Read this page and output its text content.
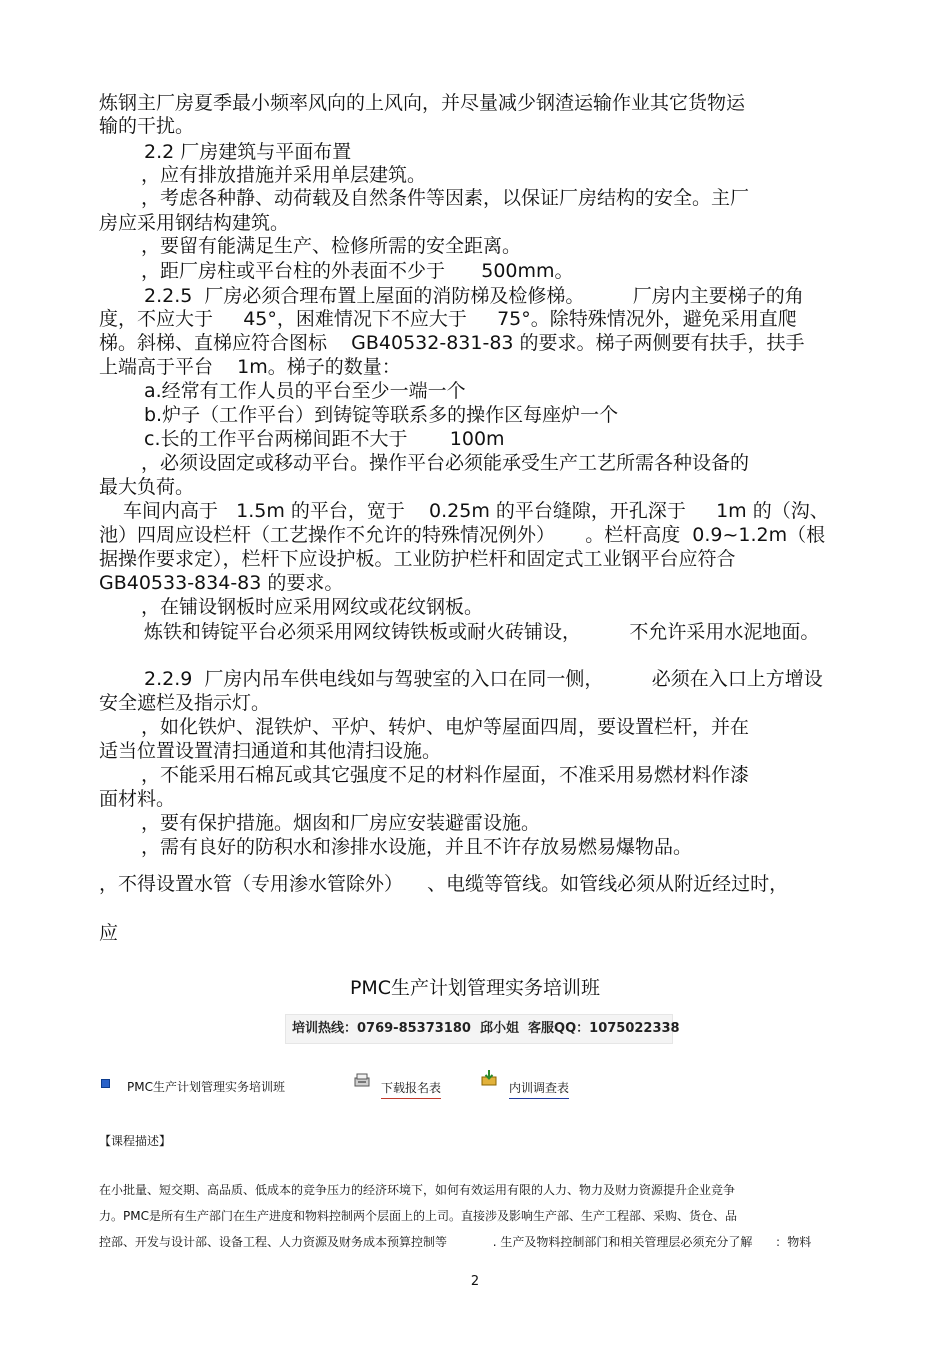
炼钢主厂房夏季最小频率风向的上风向，并尽量减少钢渣运输作业其它货物运
输的干扰。
2.2 厂房建筑与平面布置
，应有排放措施并采用单层建筑。
，考虑各种静、动荷载及自然条件等因素，以保证厂房结构的安全。主厂
房应采用钢结构建筑。
，要留有能满足生产、检修所需的安全距离。
，距厂房柱或平台柱的外表面不少于      500mm。
2.2.5  厂房必须合理布置上屋面的消防梯及检修梯。        厂房内主要梯子的角
度，不应大于     45°，困难情况下不应大于     75°。除特殊情况外，避免采用直爬
梯。斜梯、直梯应符合图标    GB40532-831-83 的要求。梯子两侧要有扶手，扶手
上端高于平台    1m。梯子的数量：
a.经常有工作人员的平台至少一端一个
b.炉子（工作平台）到铸锭等联系多的操作区每座炉一个
c.长的工作平台两梯间距不大于       100m
，必须设固定或移动平台。操作平台必须能承受生产工艺所需各种设备的
最大负荷。
车间内高于   1.5m 的平台，宽于    0.25m 的平台缝隙，开孔深于     1m 的（沟、
池）四周应设栏杆（工艺操作不允许的特殊情况例外）     。栏杆高度  0.9~1.2m（根
据操作要求定），栏杆下应设护板。工业防护栏杆和固定式工业钢平台应符合
GB40533-834-83 的要求。
，在铺设钢板时应采用网纹或花纹钢板。
炼铁和铸锭平台必须采用网纹铸铁板或耐火砖铺设，        不允许采用水泥地面。
2.2.9  厂房内吊车供电线如与驾驶室的入口在同一侧，        必须在入口上方增设
安全遮栏及指示灯。
，如化铁炉、混铁炉、平炉、转炉、电炉等屋面四周，要设置栏杆，并在
适当位置设置清扫通道和其他清扫设施。
，不能采用石棉瓦或其它强度不足的材料作屋面，不准采用易燃材料作漆
面材料。
，要有保护措施。烟囱和厂房应安装避雷设施。
，需有良好的防积水和渗排水设施，并且不许存放易燃易爆物品。
，不得设置水管（专用渗水管除外）    、电缆等管线。如管线必须从附近经过时，
应
PMC生产计划管理实务培训班
培训热线：0769-85373180  邱小姐  客服QQ：1075022338
PMC生产计划管理实务培训班	下载报名表	内训调查表
【课程描述】
在小批量、短交期、高品质、低成本的竞争压力的经济环境下，如何有效运用有限的人力、物力及财力资源提升企业竞争
力。PMC是所有生产部门在生产进度和物料控制两个层面上的上司。直接涉及影响生产部、生产工程部、采购、货仓、品
控部、开发与设计部、设备工程、人力资源及财务成本预算控制等            . 生产及物料控制部门和相关管理层必须充分了解      ：物料
2
